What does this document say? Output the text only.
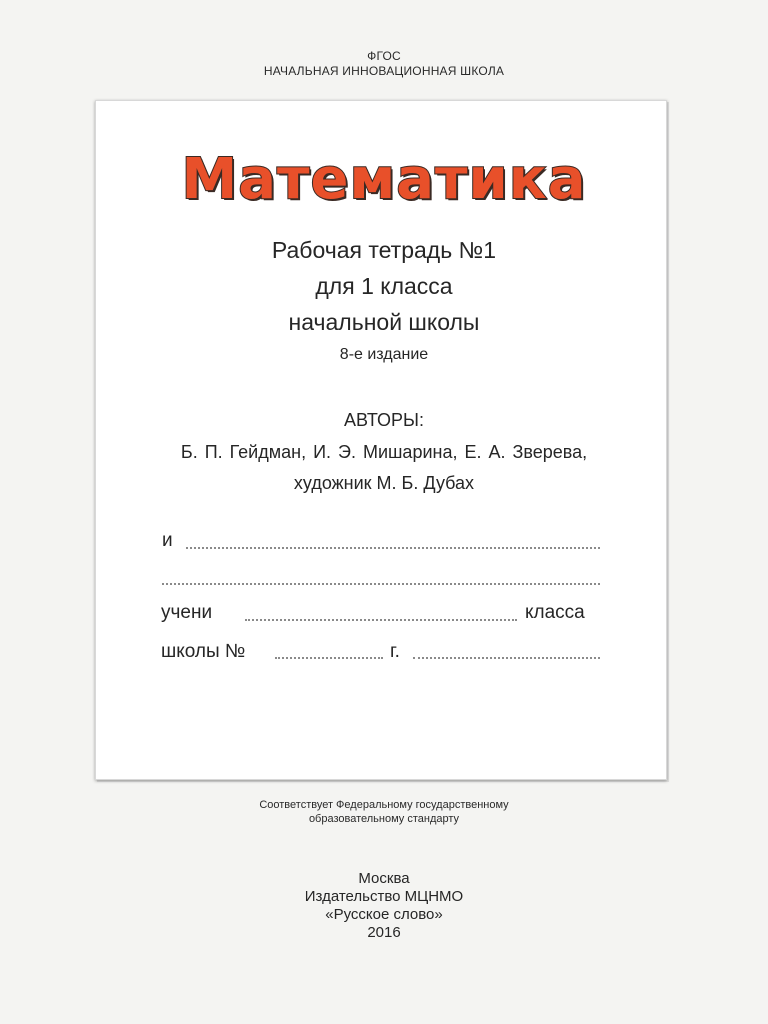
ФГОС
НАЧАЛЬНАЯ ИННОВАЦИОННАЯ ШКОЛА
Математика
Рабочая тетрадь №1
для 1 класса
начальной школы
8-е издание
АВТОРЫ:
Б. П. Гейдман, И. Э. Мишарина, Е. А. Зверева,
художник М. Б. Дубах
и
учени	класса
школы №	г.
Соответствует Федеральному государственному
образовательному стандарту
Москва
Издательство МЦНМО
«Русское слово»
2016
